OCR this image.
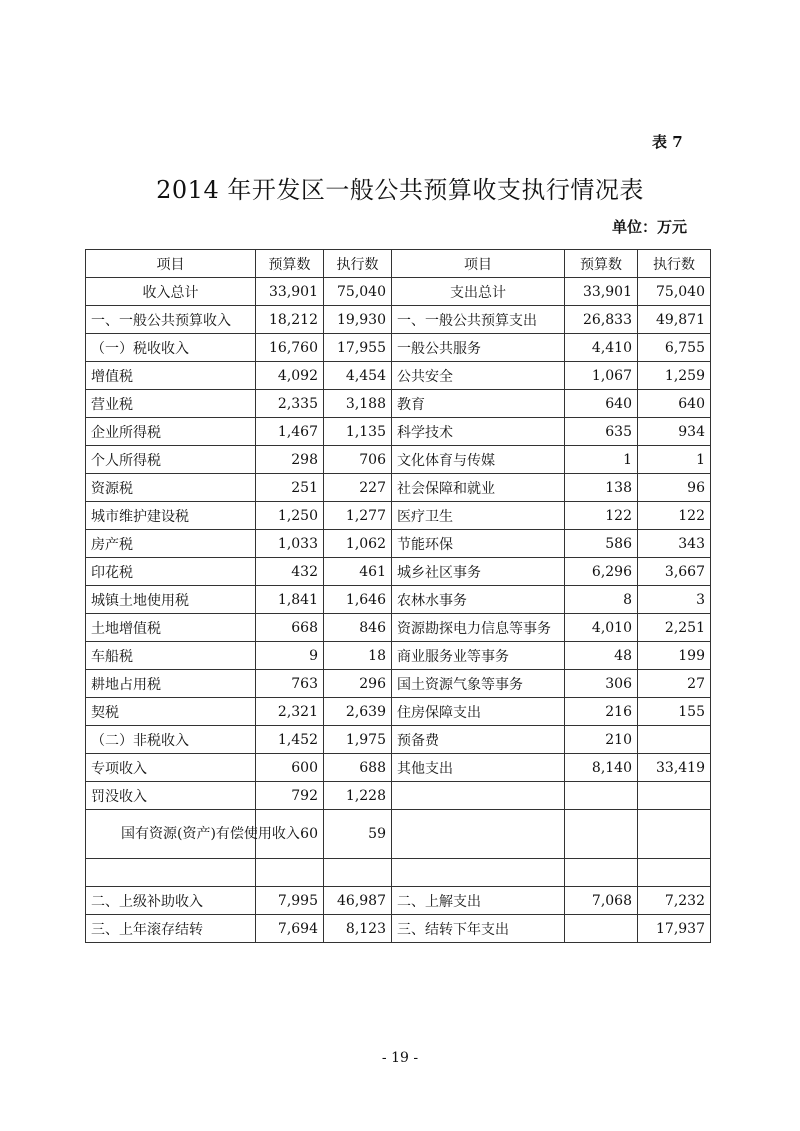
表 7
2014 年开发区一般公共预算收支执行情况表
单位：万元
项目	预算数	执行数	项目	预算数	执行数
收入总计	33,901	75,040	支出总计	33,901	75,040
一、一般公共预算收入	18,212	19,930	一、一般公共预算支出	26,833	49,871
（一）税收收入	16,760	17,955	一般公共服务	4,410	6,755
增值税	4,092	4,454	公共安全	1,067	1,259
营业税	2,335	3,188	教育	640	640
企业所得税	1,467	1,135	科学技术	635	934
个人所得税	298	706	文化体育与传媒	1	1
资源税	251	227	社会保障和就业	138	96
城市维护建设税	1,250	1,277	医疗卫生	122	122
房产税	1,033	1,062	节能环保	586	343
印花税	432	461	城乡社区事务	6,296	3,667
城镇土地使用税	1,841	1,646	农林水事务	8	3
土地增值税	668	846	资源勘探电力信息等事务	4,010	2,251
车船税	9	18	商业服务业等事务	48	199
耕地占用税	763	296	国土资源气象等事务	306	27
契税	2,321	2,639	住房保障支出	216	155
（二）非税收入	1,452	1,975	预备费	210	
专项收入	600	688	其他支出	8,140	33,419
罚没收入	792	1,228			
国有资源(资产)有偿使用收入	60	59			

二、上级补助收入	7,995	46,987	二、上解支出	7,068	7,232
三、上年滚存结转	7,694	8,123	三、结转下年支出		17,937
- 19 -
